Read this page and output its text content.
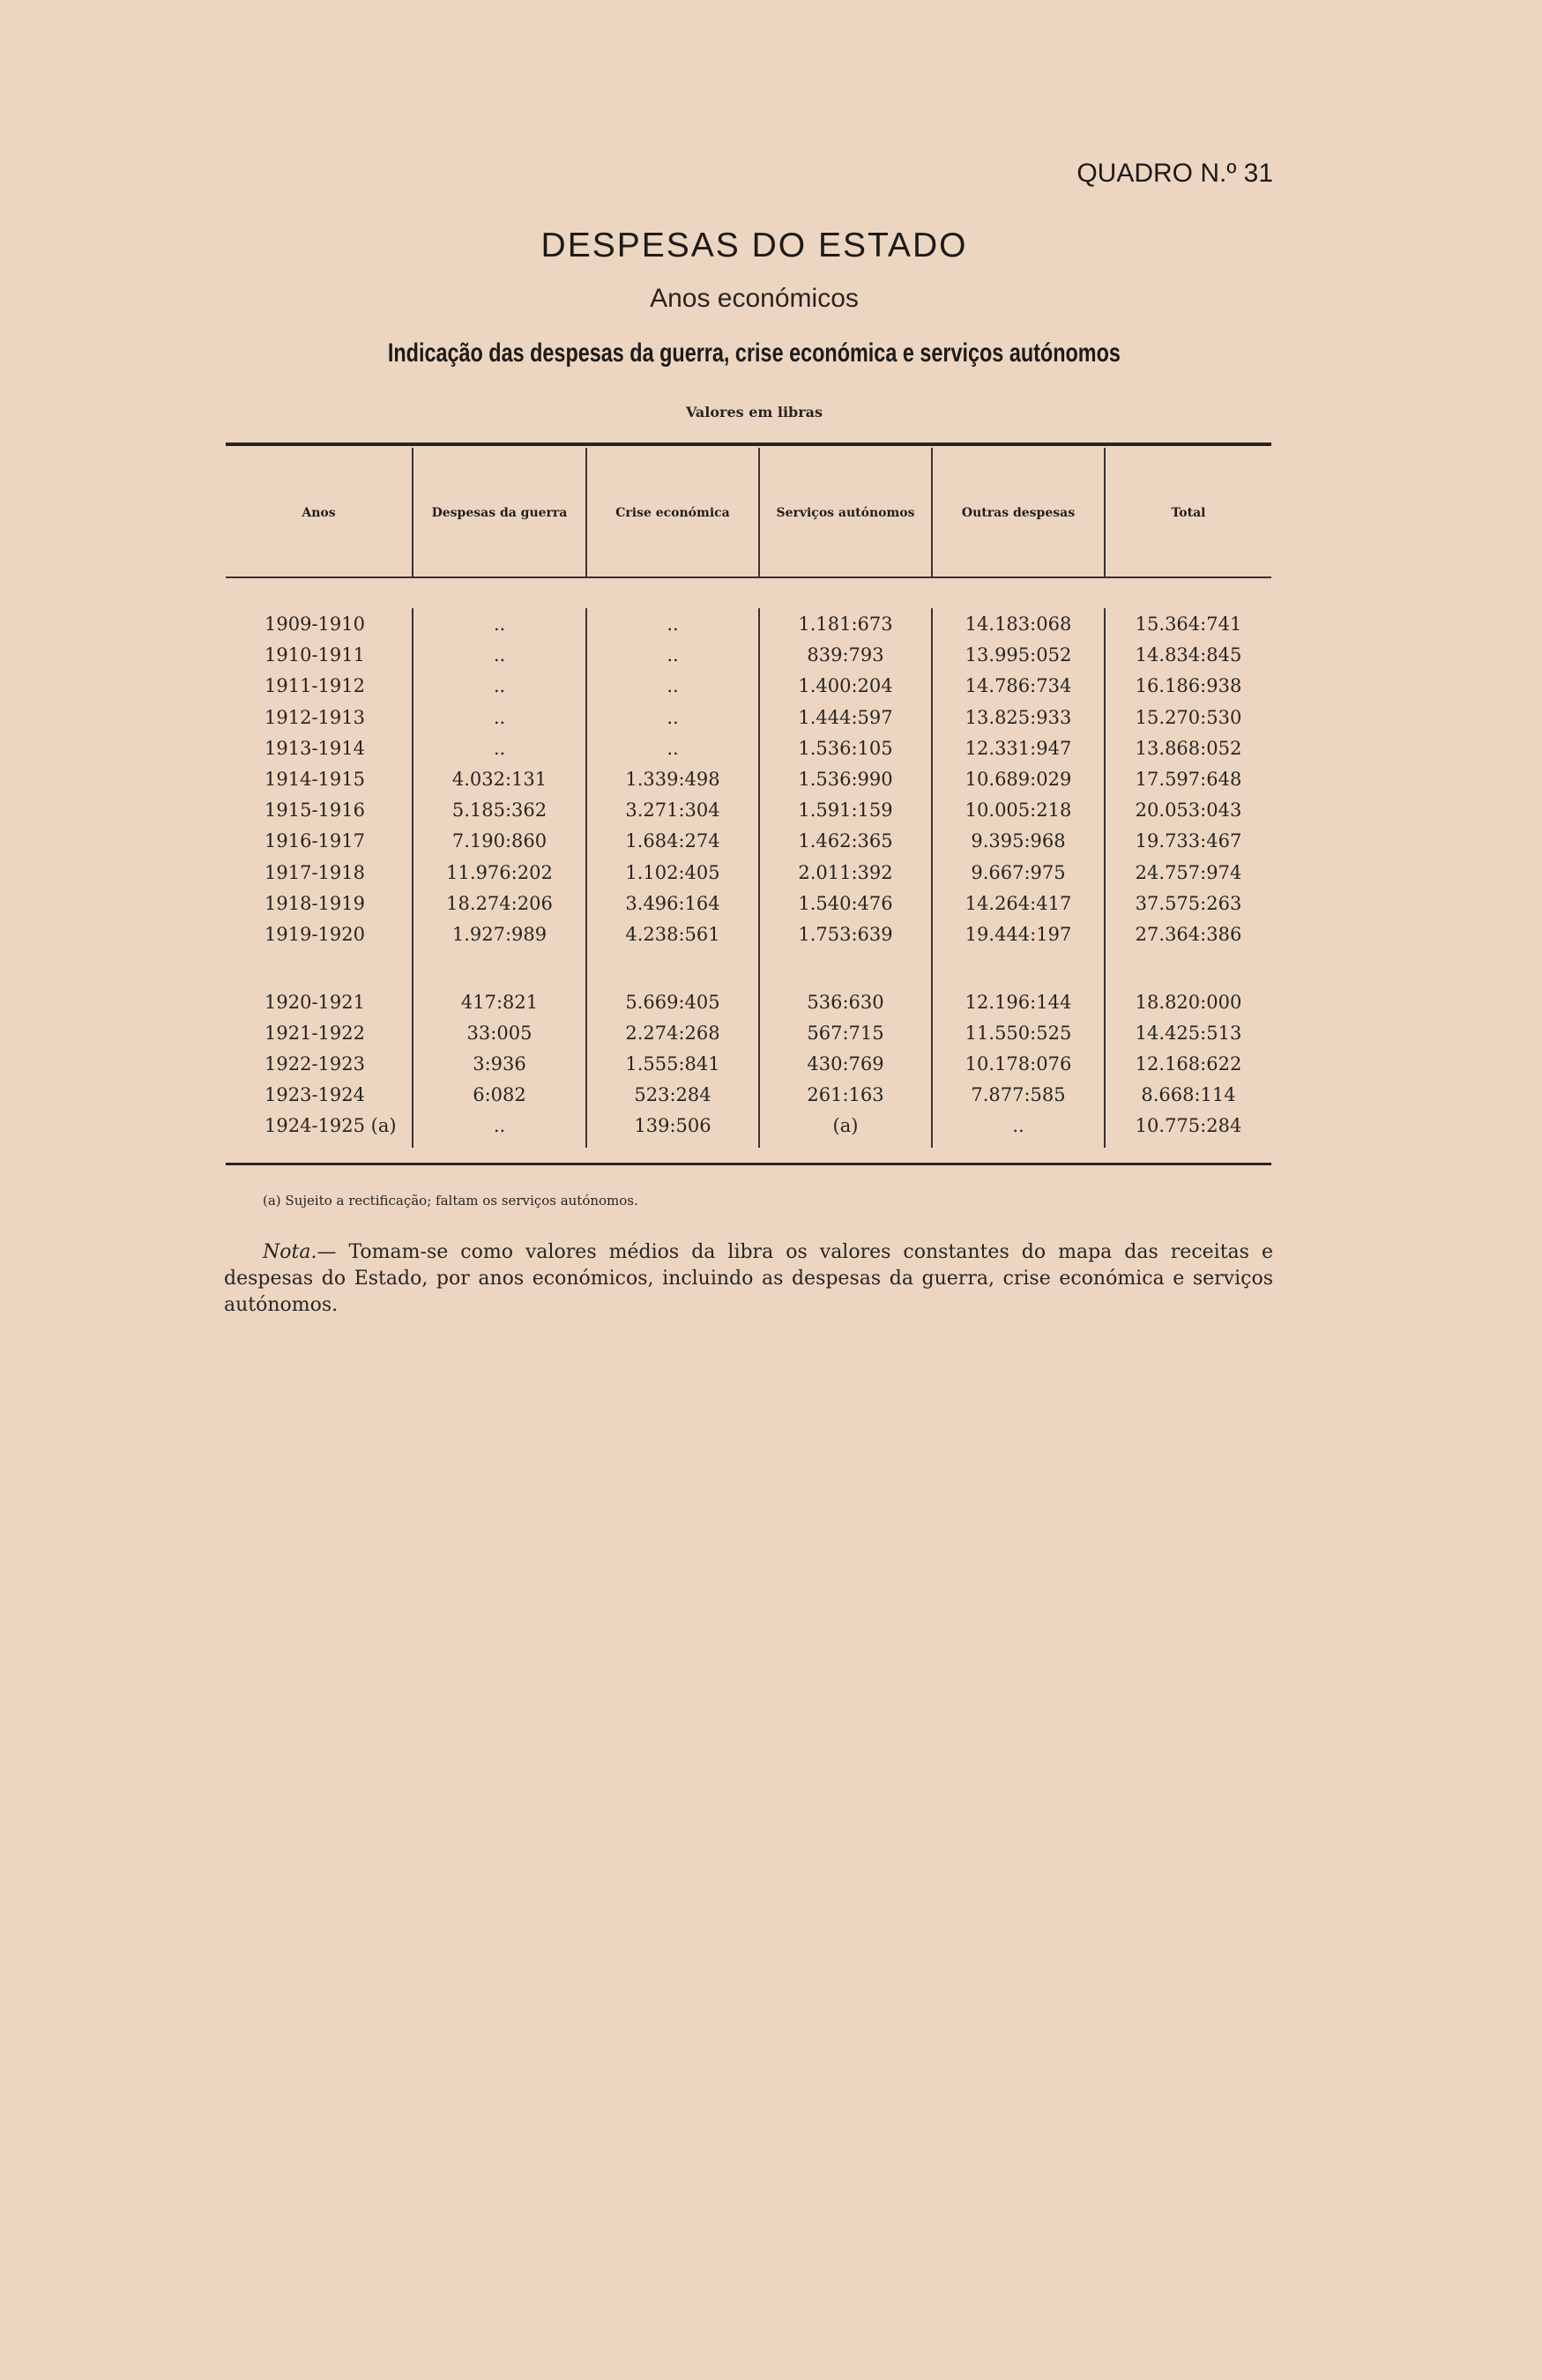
QUADRO N.º 31
DESPESAS DO ESTADO
Anos económicos
Indicação das despesas da guerra, crise económica e serviços autónomos
Valores em libras
Anos	Despesas da guerra	Crise económica	Serviços autónomos	Outras despesas	Total
1909-1910	..	..	1.181:673	14.183:068	15.364:741
1910-1911	..	..	839:793	13.995:052	14.834:845
1911-1912	..	..	1.400:204	14.786:734	16.186:938
1912-1913	..	..	1.444:597	13.825:933	15.270:530
1913-1914	..	..	1.536:105	12.331:947	13.868:052
1914-1915	4.032:131	1.339:498	1.536:990	10.689:029	17.597:648
1915-1916	5.185:362	3.271:304	1.591:159	10.005:218	20.053:043
1916-1917	7.190:860	1.684:274	1.462:365	9.395:968	19.733:467
1917-1918	11.976:202	1.102:405	2.011:392	9.667:975	24.757:974
1918-1919	18.274:206	3.496:164	1.540:476	14.264:417	37.575:263
1919-1920	1.927:989	4.238:561	1.753:639	19.444:197	27.364:386
1920-1921	417:821	5.669:405	536:630	12.196:144	18.820:000
1921-1922	33:005	2.274:268	567:715	11.550:525	14.425:513
1922-1923	3:936	1.555:841	430:769	10.178:076	12.168:622
1923-1924	6:082	523:284	261:163	7.877:585	8.668:114
1924-1925 (a)	..	139:506	(a)	..	10.775:284
(a) Sujeito a rectificação; faltam os serviços autónomos.
Nota.— Tomam-se como valores médios da libra os valores constantes do mapa das receitas e despesas do Estado, por anos económicos, incluindo as despesas da guerra, crise económica e serviços autónomos.
